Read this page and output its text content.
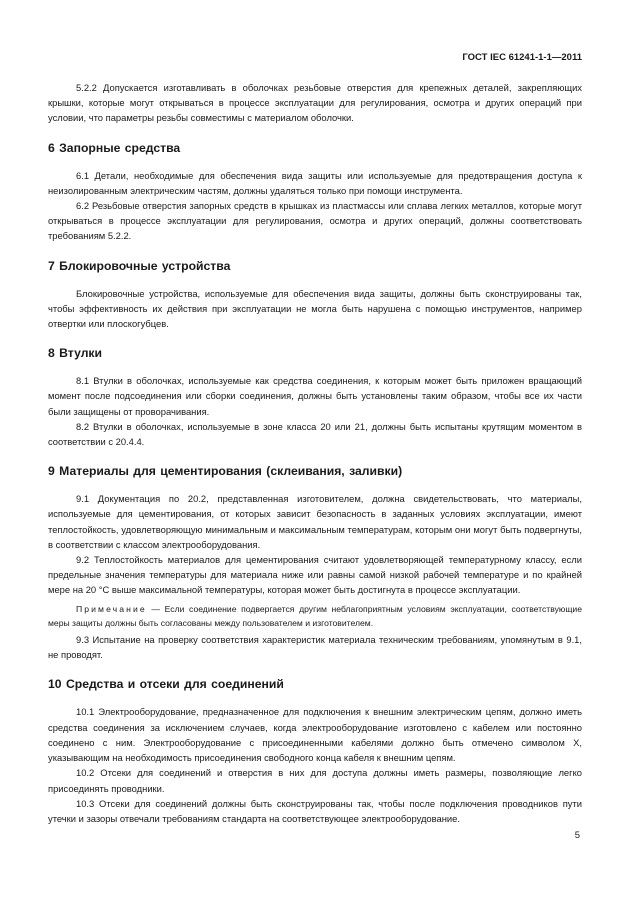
ГОСТ IEC 61241-1-1—2011

5.2.2 Допускается изготавливать в оболочках резьбовые отверстия для крепежных деталей, закрепляющих крышки, которые могут открываться в процессе эксплуатации для регулирования, осмотра и других операций при условии, что параметры резьбы совместимы с материалом оболочки.

6 Запорные средства

6.1 Детали, необходимые для обеспечения вида защиты или используемые для предотвращения доступа к неизолированным электрическим частям, должны удаляться только при помощи инструмента.

6.2 Резьбовые отверстия запорных средств в крышках из пластмассы или сплава легких металлов, которые могут открываться в процессе эксплуатации для регулирования, осмотра и других операций, должны соответствовать требованиям 5.2.2.

7 Блокировочные устройства

Блокировочные устройства, используемые для обеспечения вида защиты, должны быть сконструированы так, чтобы эффективность их действия при эксплуатации не могла быть нарушена с помощью инструментов, например отвертки или плоскогубцев.

8 Втулки

8.1 Втулки в оболочках, используемые как средства соединения, к которым может быть приложен вращающий момент после подсоединения или сборки соединения, должны быть установлены таким образом, чтобы все их части были защищены от проворачивания.

8.2 Втулки в оболочках, используемые в зоне класса 20 или 21, должны быть испытаны крутящим моментом в соответствии с 20.4.4.

9 Материалы для цементирования (склеивания, заливки)

9.1 Документация по 20.2, представленная изготовителем, должна свидетельствовать, что материалы, используемые для цементирования, от которых зависит безопасность в заданных условиях эксплуатации, имеют теплостойкость, удовлетворяющую минимальным и максимальным температурам, которым они могут быть подвергнуты, в соответствии с классом электрооборудования.

9.2 Теплостойкость материалов для цементирования считают удовлетворяющей температурному классу, если предельные значения температуры для материала ниже или равны самой низкой рабочей температуре и по крайней мере на 20 °С выше максимальной температуры, которая может быть достигнута в процессе эксплуатации.

Примечание — Если соединение подвергается другим неблагоприятным условиям эксплуатации, соответствующие меры защиты должны быть согласованы между пользователем и изготовителем.

9.3 Испытание на проверку соответствия характеристик материала техническим требованиям, упомянутым в 9.1, не проводят.

10 Средства и отсеки для соединений

10.1 Электрооборудование, предназначенное для подключения к внешним электрическим цепям, должно иметь средства соединения за исключением случаев, когда электрооборудование изготовлено с кабелем или постоянно соединено с ним. Электрооборудование с присоединенными кабелями должно быть отмечено символом X, указывающим на необходимость присоединения свободного конца кабеля к внешним цепям.

10.2 Отсеки для соединений и отверстия в них для доступа должны иметь размеры, позволяющие легко присоединять проводники.

10.3 Отсеки для соединений должны быть сконструированы так, чтобы после подключения проводников пути утечки и зазоры отвечали требованиям стандарта на соответствующее электрооборудование.

5
